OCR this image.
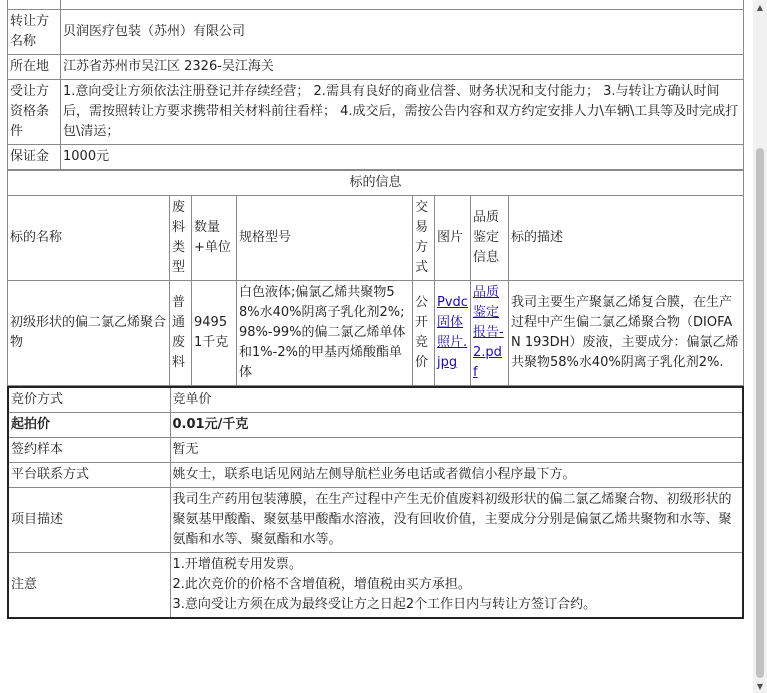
转让方名称	贝润医疗包装（苏州）有限公司
所在地	江苏省苏州市吴江区 2326-吴江海关
受让方资格条件	1.意向受让方须依法注册登记并存续经营； 2.需具有良好的商业信誉、财务状况和支付能力； 3.与转让方确认时间后，需按照转让方要求携带相关材料前往看样； 4.成交后，需按公告内容和双方约定安排人力\车辆\工具等及时完成打包\清运；
保证金	1000元
标的信息							
标的名称	废料类型	数量+单位	规格型号	交易方式	图片	品质鉴定信息	标的描述
初级形状的偏二氯乙烯聚合物	普通废料	94951千克	白色液体;偏氯乙烯共聚物58%水40%阴离子乳化剂2%;98%-99%的偏二氯乙烯单体和1%-2%的甲基丙烯酸酯单体	公开竞价	Pvdc固体照片.jpg	品质鉴定报告-2.pdf	我司主要生产聚氯乙烯复合膜，在生产过程中产生偏二氯乙烯聚合物（DIOFAN 193DH）废液，主要成分：偏氯乙烯共聚物58%水40%阴离子乳化剂2%.
竞价方式	竞单价
起拍价	0.01元/千克
签约样本	暂无
平台联系方式	姚女士，联系电话见网站左侧导航栏业务电话或者微信小程序最下方。
项目描述	我司生产药用包装薄膜，在生产过程中产生无价值废料初级形状的偏二氯乙烯聚合物、初级形状的聚氨基甲酸酯、聚氨基甲酸酯水溶液，没有回收价值，主要成分分别是偏氯乙烯共聚物和水等、聚氨酯和水等、聚氨酯和水等。
注意	1.开增值税专用发票。
2.此次竞价的价格不含增值税，增值税由买方承担。
3.意向受让方须在成为最终受让方之日起2个工作日内与转让方签订合约。
▲
▼
